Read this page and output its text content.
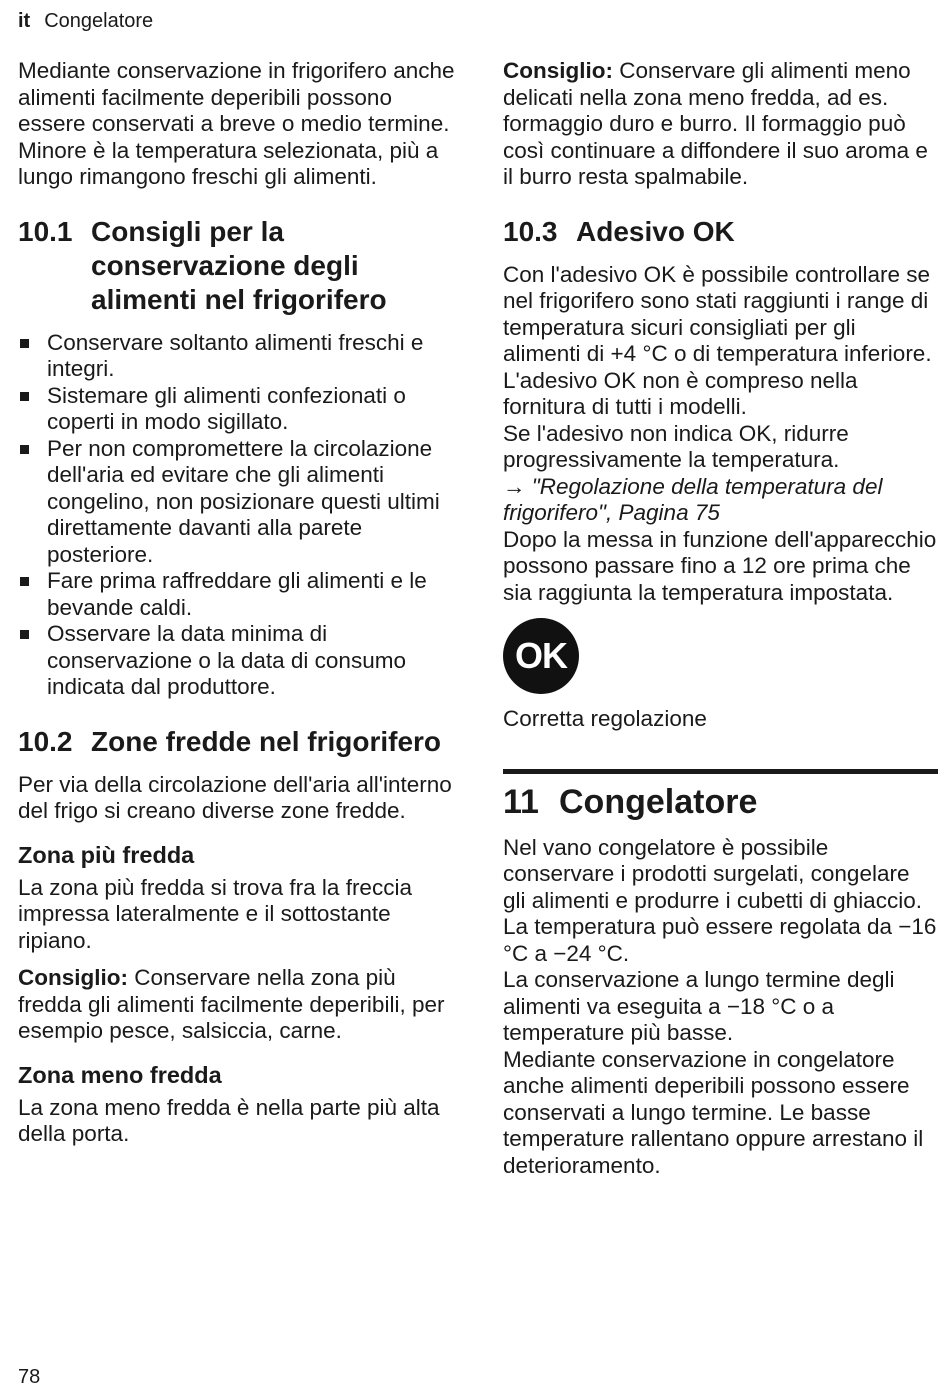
it Congelatore

Mediante conservazione in frigorifero anche alimenti facilmente deperibili possono essere conservati a breve o medio termine. Minore è la temperatura selezionata, più a lungo rimangono freschi gli alimenti.

10.1 Consigli per la conservazione degli alimenti nel frigorifero
Conservare soltanto alimenti freschi e integri.
Sistemare gli alimenti confezionati o coperti in modo sigillato.
Per non compromettere la circolazione dell'aria ed evitare che gli alimenti congelino, non posizionare questi ultimi direttamente davanti alla parete posteriore.
Fare prima raffreddare gli alimenti e le bevande caldi.
Osservare la data minima di conservazione o la data di consumo indicata dal produttore.
10.2 Zone fredde nel frigorifero

Per via della circolazione dell'aria all'interno del frigo si creano diverse zone fredde.

Zona più fredda

La zona più fredda si trova fra la freccia impressa lateralmente e il sottostante ripiano.

Consiglio: Conservare nella zona più fredda gli alimenti facilmente deperibili, per esempio pesce, salsiccia, carne.

Zona meno fredda

La zona meno fredda è nella parte più alta della porta.

Consiglio: Conservare gli alimenti meno delicati nella zona meno fredda, ad es. formaggio duro e burro. Il formaggio può così continuare a diffondere il suo aroma e il burro resta spalmabile.

10.3 Adesivo OK

Con l'adesivo OK è possibile controllare se nel frigorifero sono stati raggiunti i range di temperatura sicuri consigliati per gli alimenti di +4 °C o di temperatura inferiore.

L'adesivo OK non è compreso nella fornitura di tutti i modelli.

Se l'adesivo non indica OK, ridurre progressivamente la temperatura.

→ "Regolazione della temperatura del frigorifero", Pagina 75

Dopo la messa in funzione dell'apparecchio possono passare fino a 12 ore prima che sia raggiunta la temperatura impostata.

OK

Corretta regolazione

11 Congelatore

Nel vano congelatore è possibile conservare i prodotti surgelati, congelare gli alimenti e produrre i cubetti di ghiaccio.

La temperatura può essere regolata da −16 °C a −24 °C.

La conservazione a lungo termine degli alimenti va eseguita a −18 °C o a temperature più basse.

Mediante conservazione in congelatore anche alimenti deperibili possono essere conservati a lungo termine. Le basse temperature rallentano oppure arrestano il deterioramento.

78
